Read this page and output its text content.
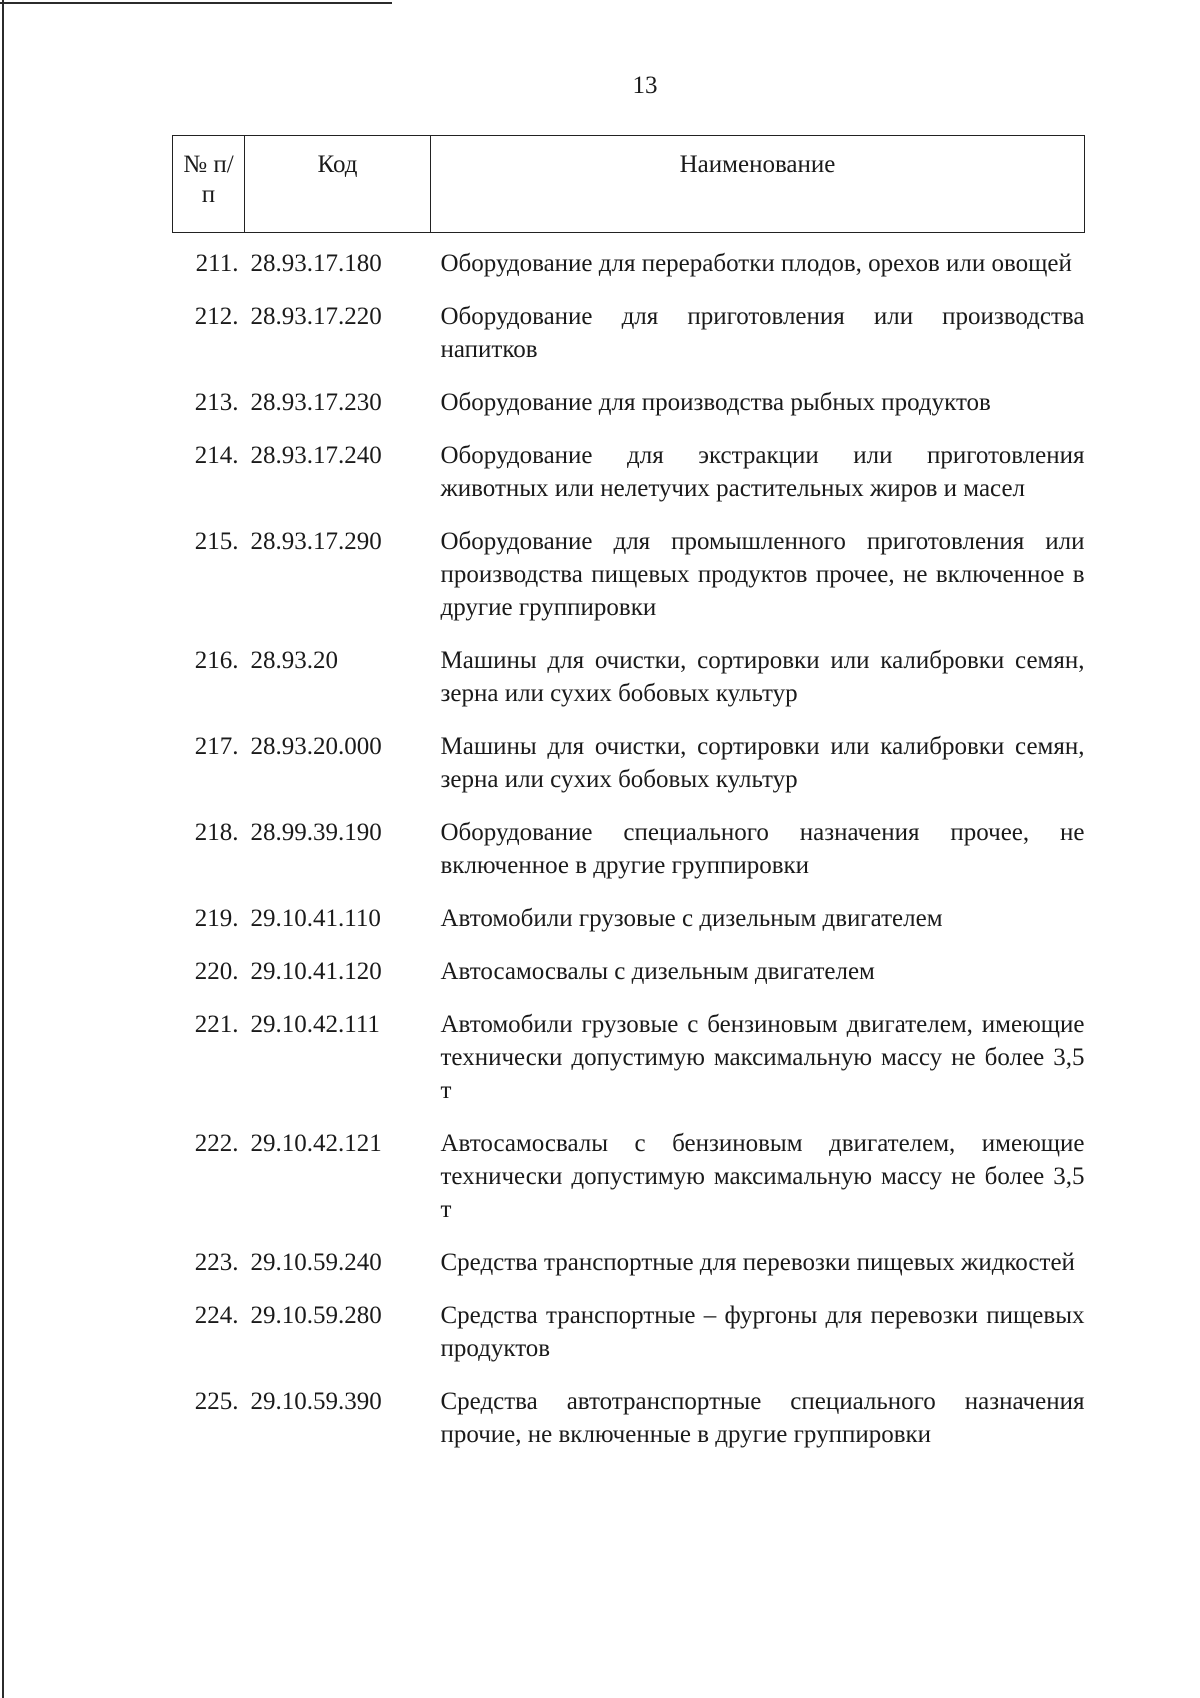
13
№ п/п	Код	Наименование
211.	28.93.17.180	Оборудование для переработки плодов, орехов или овощей
212.	28.93.17.220	Оборудование для приготовления или производства напитков
213.	28.93.17.230	Оборудование для производства рыбных продуктов
214.	28.93.17.240	Оборудование для экстракции или приготовления животных или нелетучих растительных жиров и масел
215.	28.93.17.290	Оборудование для промышленного приготовления или производства пищевых продуктов прочее, не включенное в другие группировки
216.	28.93.20	Машины для очистки, сортировки или калибровки семян, зерна или сухих бобовых культур
217.	28.93.20.000	Машины для очистки, сортировки или калибровки семян, зерна или сухих бобовых культур
218.	28.99.39.190	Оборудование специального назначения прочее, не включенное в другие группировки
219.	29.10.41.110	Автомобили грузовые с дизельным двигателем
220.	29.10.41.120	Автосамосвалы с дизельным двигателем
221.	29.10.42.111	Автомобили грузовые с бензиновым двигателем, имеющие технически допустимую максимальную массу не более 3,5 т
222.	29.10.42.121	Автосамосвалы с бензиновым двигателем, имеющие технически допустимую максимальную массу не более 3,5 т
223.	29.10.59.240	Средства транспортные для перевозки пищевых жидкостей
224.	29.10.59.280	Средства транспортные – фургоны для перевозки пищевых продуктов
225.	29.10.59.390	Средства автотранспортные специального назначения прочие, не включенные в другие группировки
